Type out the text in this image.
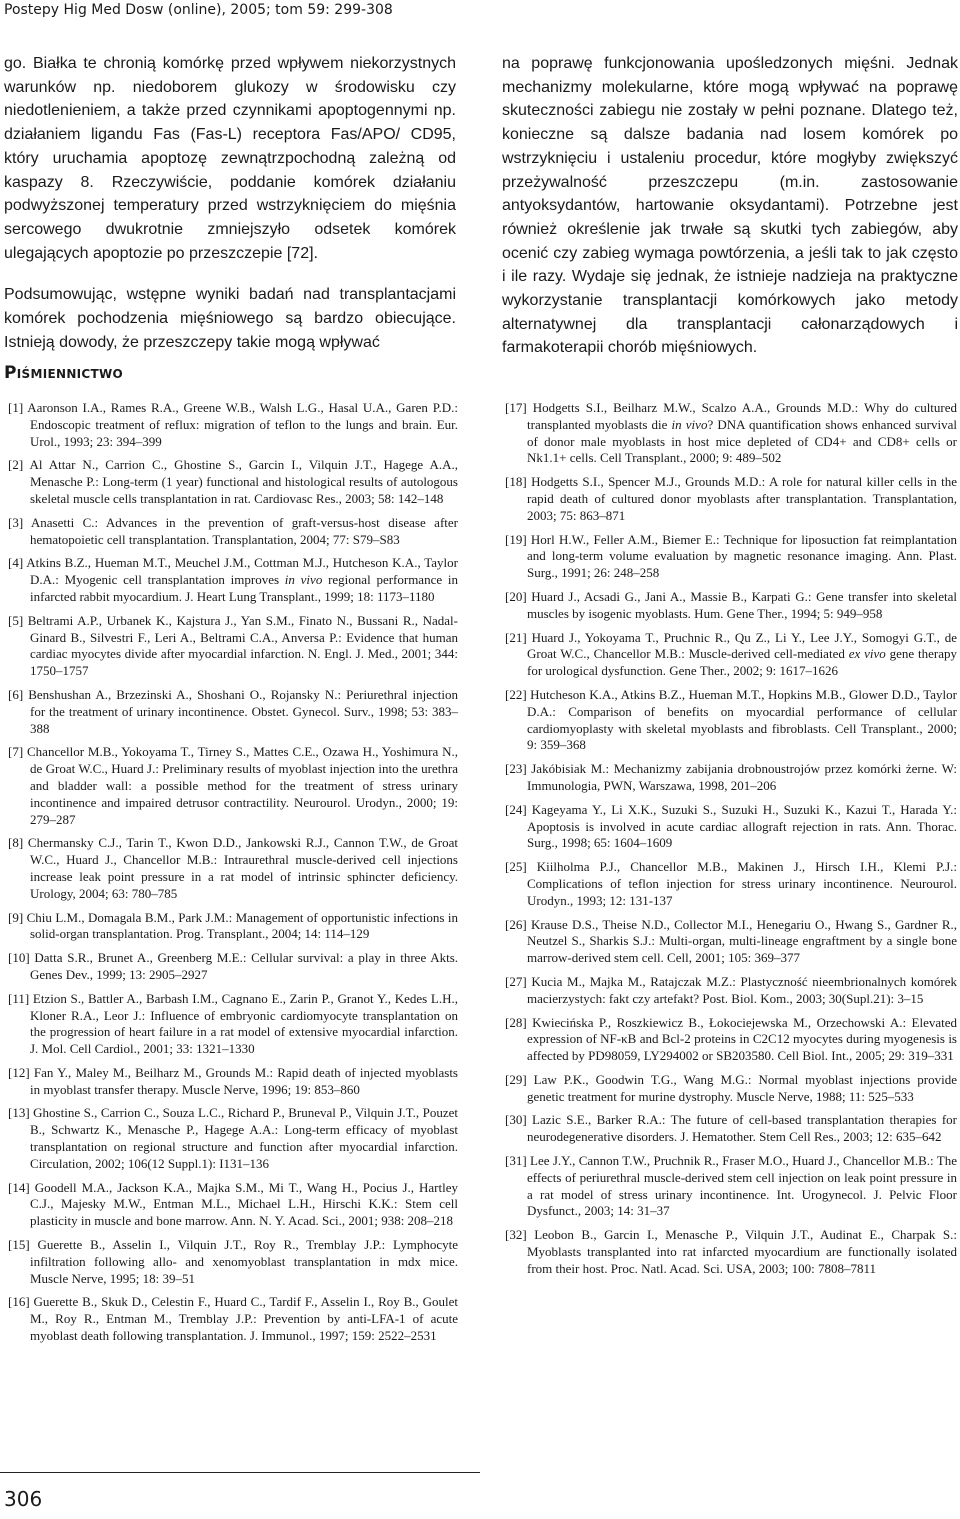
Postepy Hig Med Dosw (online), 2005; tom 59: 299-308

go. Białka te chronią komórkę przed wpływem niekorzystnych warunków np. niedoborem glukozy w środowisku czy niedotlenieniem, a także przed czynnikami apoptogennymi np. działaniem ligandu Fas (Fas-L) receptora Fas/APO/ CD95, który uruchamia apoptozę zewnątrzpochodną zależną od kaspazy 8. Rzeczywiście, poddanie komórek działaniu podwyższonej temperatury przed wstrzyknięciem do mięśnia sercowego dwukrotnie zmniejszyło odsetek komórek ulegających apoptozie po przeszczepie [72].

Podsumowując, wstępne wyniki badań nad transplantacjami komórek pochodzenia mięśniowego są bardzo obiecujące. Istnieją dowody, że przeszczepy takie mogą wpływać

na poprawę funkcjonowania upośledzonych mięśni. Jednak mechanizmy molekularne, które mogą wpływać na poprawę skuteczności zabiegu nie zostały w pełni poznane. Dlatego też, konieczne są dalsze badania nad losem komórek po wstrzyknięciu i ustaleniu procedur, które mogłyby zwiększyć przeżywalność przeszczepu (m.in. zastosowanie antyoksydantów, hartowanie oksydantami). Potrzebne jest również określenie jak trwałe są skutki tych zabiegów, aby ocenić czy zabieg wymaga powtórzenia, a jeśli tak to jak często i ile razy. Wydaje się jednak, że istnieje nadzieja na praktyczne wykorzystanie transplantacji komórkowych jako metody alternatywnej dla transplantacji całonarządowych i farmakoterapii chorób mięśniowych.

Piśmiennictwo
[1] Aaronson I.A., Rames R.A., Greene W.B., Walsh L.G., Hasal U.A., Garen P.D.: Endoscopic treatment of reflux: migration of teflon to the lungs and brain. Eur. Urol., 1993; 23: 394–399
[2] Al Attar N., Carrion C., Ghostine S., Garcin I., Vilquin J.T., Hagege A.A., Menasche P.: Long-term (1 year) functional and histological results of autologous skeletal muscle cells transplantation in rat. Cardiovasc Res., 2003; 58: 142–148
[3] Anasetti C.: Advances in the prevention of graft-versus-host disease after hematopoietic cell transplantation. Transplantation, 2004; 77: S79–S83
[4] Atkins B.Z., Hueman M.T., Meuchel J.M., Cottman M.J., Hutcheson K.A., Taylor D.A.: Myogenic cell transplantation improves in vivo regional performance in infarcted rabbit myocardium. J. Heart Lung Transplant., 1999; 18: 1173–1180
[5] Beltrami A.P., Urbanek K., Kajstura J., Yan S.M., Finato N., Bussani R., Nadal-Ginard B., Silvestri F., Leri A., Beltrami C.A., Anversa P.: Evidence that human cardiac myocytes divide after myocardial infarction. N. Engl. J. Med., 2001; 344: 1750–1757
[6] Benshushan A., Brzezinski A., Shoshani O., Rojansky N.: Periurethral injection for the treatment of urinary incontinence. Obstet. Gynecol. Surv., 1998; 53: 383–388
[7] Chancellor M.B., Yokoyama T., Tirney S., Mattes C.E., Ozawa H., Yoshimura N., de Groat W.C., Huard J.: Preliminary results of myoblast injection into the urethra and bladder wall: a possible method for the treatment of stress urinary incontinence and impaired detrusor contractility. Neurourol. Urodyn., 2000; 19: 279–287
[8] Chermansky C.J., Tarin T., Kwon D.D., Jankowski R.J., Cannon T.W., de Groat W.C., Huard J., Chancellor M.B.: Intraurethral muscle-derived cell injections increase leak point pressure in a rat model of intrinsic sphincter deficiency. Urology, 2004; 63: 780–785
[9] Chiu L.M., Domagala B.M., Park J.M.: Management of opportunistic infections in solid-organ transplantation. Prog. Transplant., 2004; 14: 114–129
[10] Datta S.R., Brunet A., Greenberg M.E.: Cellular survival: a play in three Akts. Genes Dev., 1999; 13: 2905–2927
[11] Etzion S., Battler A., Barbash I.M., Cagnano E., Zarin P., Granot Y., Kedes L.H., Kloner R.A., Leor J.: Influence of embryonic cardiomyocyte transplantation on the progression of heart failure in a rat model of extensive myocardial infarction. J. Mol. Cell Cardiol., 2001; 33: 1321–1330
[12] Fan Y., Maley M., Beilharz M., Grounds M.: Rapid death of injected myoblasts in myoblast transfer therapy. Muscle Nerve, 1996; 19: 853–860
[13] Ghostine S., Carrion C., Souza L.C., Richard P., Bruneval P., Vilquin J.T., Pouzet B., Schwartz K., Menasche P., Hagege A.A.: Long-term efficacy of myoblast transplantation on regional structure and function after myocardial infarction. Circulation, 2002; 106(12 Suppl.1): I131–136
[14] Goodell M.A., Jackson K.A., Majka S.M., Mi T., Wang H., Pocius J., Hartley C.J., Majesky M.W., Entman M.L., Michael L.H., Hirschi K.K.: Stem cell plasticity in muscle and bone marrow. Ann. N. Y. Acad. Sci., 2001; 938: 208–218
[15] Guerette B., Asselin I., Vilquin J.T., Roy R., Tremblay J.P.: Lymphocyte infiltration following allo- and xenomyoblast transplantation in mdx mice. Muscle Nerve, 1995; 18: 39–51
[16] Guerette B., Skuk D., Celestin F., Huard C., Tardif F., Asselin I., Roy B., Goulet M., Roy R., Entman M., Tremblay J.P.: Prevention by anti-LFA-1 of acute myoblast death following transplantation. J. Immunol., 1997; 159: 2522–2531
[17] Hodgetts S.I., Beilharz M.W., Scalzo A.A., Grounds M.D.: Why do cultured transplanted myoblasts die in vivo? DNA quantification shows enhanced survival of donor male myoblasts in host mice depleted of CD4+ and CD8+ cells or Nk1.1+ cells. Cell Transplant., 2000; 9: 489–502
[18] Hodgetts S.I., Spencer M.J., Grounds M.D.: A role for natural killer cells in the rapid death of cultured donor myoblasts after transplantation. Transplantation, 2003; 75: 863–871
[19] Horl H.W., Feller A.M., Biemer E.: Technique for liposuction fat reimplantation and long-term volume evaluation by magnetic resonance imaging. Ann. Plast. Surg., 1991; 26: 248–258
[20] Huard J., Acsadi G., Jani A., Massie B., Karpati G.: Gene transfer into skeletal muscles by isogenic myoblasts. Hum. Gene Ther., 1994; 5: 949–958
[21] Huard J., Yokoyama T., Pruchnic R., Qu Z., Li Y., Lee J.Y., Somogyi G.T., de Groat W.C., Chancellor M.B.: Muscle-derived cell-mediated ex vivo gene therapy for urological dysfunction. Gene Ther., 2002; 9: 1617–1626
[22] Hutcheson K.A., Atkins B.Z., Hueman M.T., Hopkins M.B., Glower D.D., Taylor D.A.: Comparison of benefits on myocardial performance of cellular cardiomyoplasty with skeletal myoblasts and fibroblasts. Cell Transplant., 2000; 9: 359–368
[23] Jakóbisiak M.: Mechanizmy zabijania drobnoustrojów przez komórki żerne. W: Immunologia, PWN, Warszawa, 1998, 201–206
[24] Kageyama Y., Li X.K., Suzuki S., Suzuki H., Suzuki K., Kazui T., Harada Y.: Apoptosis is involved in acute cardiac allograft rejection in rats. Ann. Thorac. Surg., 1998; 65: 1604–1609
[25] Kiilholma P.J., Chancellor M.B., Makinen J., Hirsch I.H., Klemi P.J.: Complications of teflon injection for stress urinary incontinence. Neurourol. Urodyn., 1993; 12: 131-137
[26] Krause D.S., Theise N.D., Collector M.I., Henegariu O., Hwang S., Gardner R., Neutzel S., Sharkis S.J.: Multi-organ, multi-lineage engraftment by a single bone marrow-derived stem cell. Cell, 2001; 105: 369–377
[27] Kucia M., Majka M., Ratajczak M.Z.: Plastyczność nieembrionalnych komórek macierzystych: fakt czy artefakt? Post. Biol. Kom., 2003; 30(Supl.21): 3–15
[28] Kwiecińska P., Roszkiewicz B., Łokociejewska M., Orzechowski A.: Elevated expression of NF-κB and Bcl-2 proteins in C2C12 myocytes during myogenesis is affected by PD98059, LY294002 or SB203580. Cell Biol. Int., 2005; 29: 319–331
[29] Law P.K., Goodwin T.G., Wang M.G.: Normal myoblast injections provide genetic treatment for murine dystrophy. Muscle Nerve, 1988; 11: 525–533
[30] Lazic S.E., Barker R.A.: The future of cell-based transplantation therapies for neurodegenerative disorders. J. Hematother. Stem Cell Res., 2003; 12: 635–642
[31] Lee J.Y., Cannon T.W., Pruchnik R., Fraser M.O., Huard J., Chancellor M.B.: The effects of periurethral muscle-derived stem cell injection on leak point pressure in a rat model of stress urinary incontinence. Int. Urogynecol. J. Pelvic Floor Dysfunct., 2003; 14: 31–37
[32] Leobon B., Garcin I., Menasche P., Vilquin J.T., Audinat E., Charpak S.: Myoblasts transplanted into rat infarcted myocardium are functionally isolated from their host. Proc. Natl. Acad. Sci. USA, 2003; 100: 7808–7811
306
